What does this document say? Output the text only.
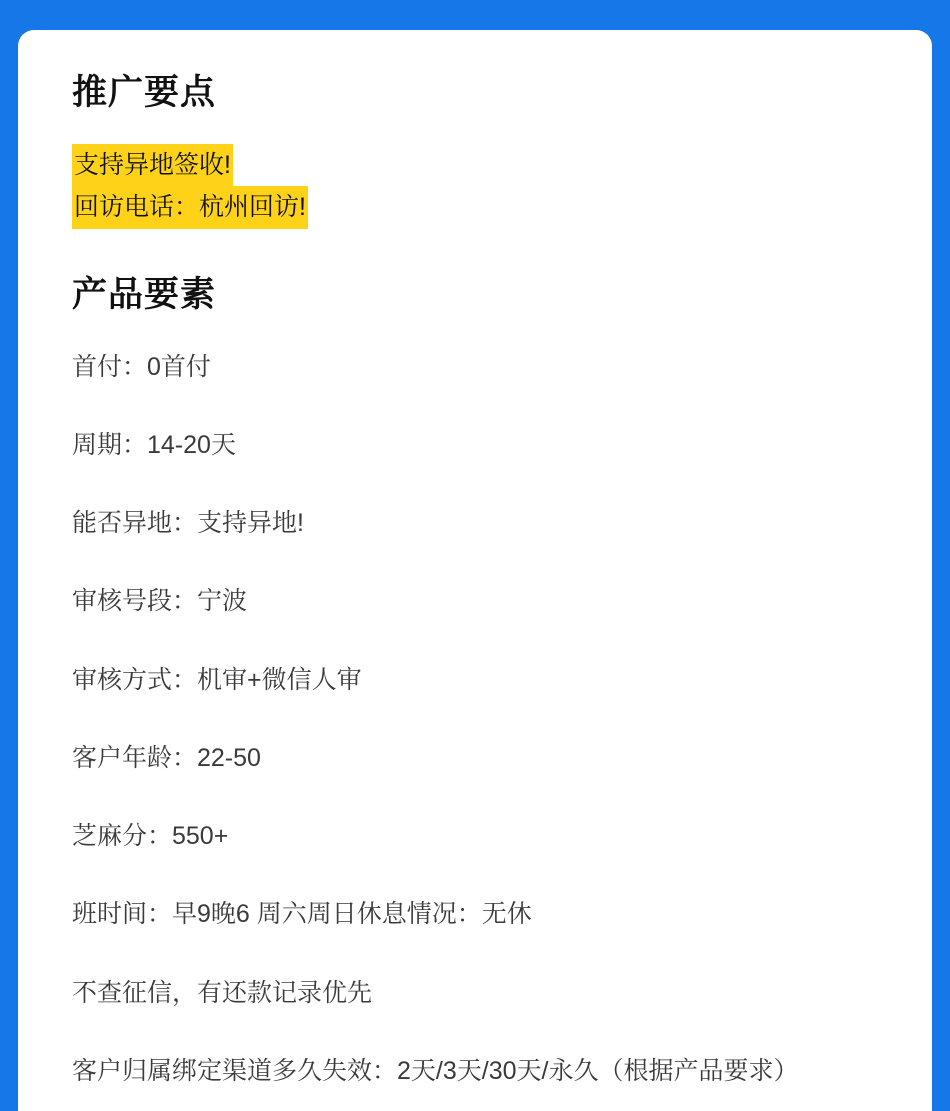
推广要点
支持异地签收!
回访电话：杭州回访!
产品要素
首付：0首付
周期：14-20天
能否异地：支持异地!
审核号段：宁波
审核方式：机审+微信人审
客户年龄：22-50
芝麻分：550+
班时间：早9晚6 周六周日休息情况：无休
不查征信，有还款记录优先
客户归属绑定渠道多久失效：2天/3天/30天/永久（根据产品要求）
